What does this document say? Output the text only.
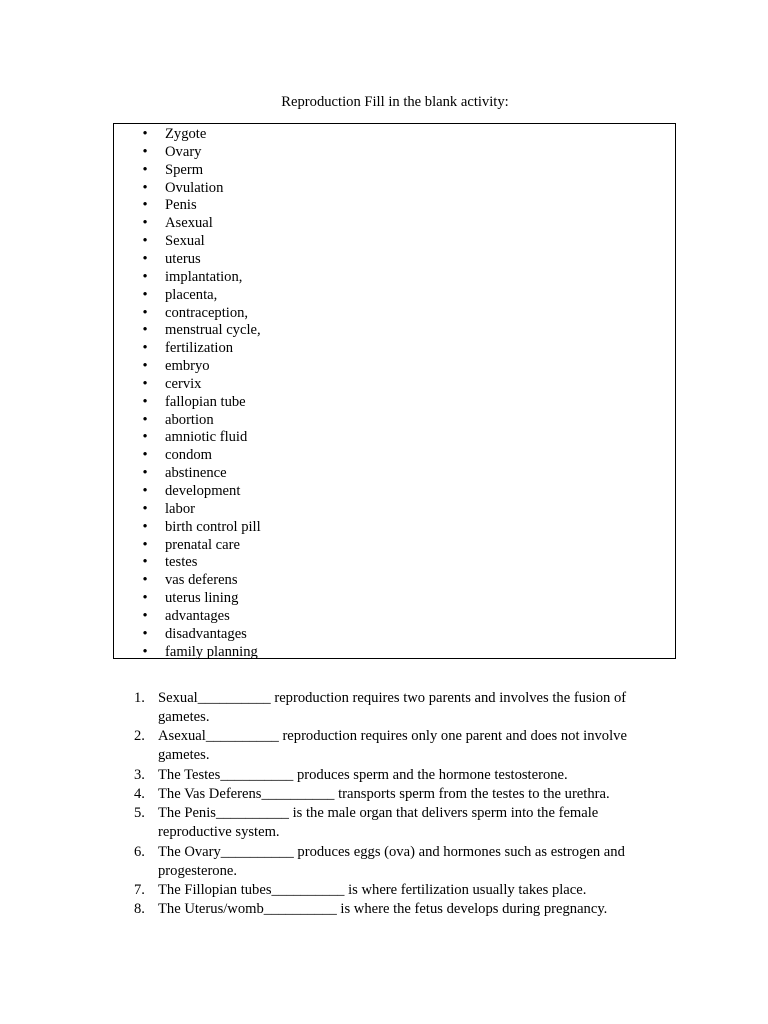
Reproduction Fill in the blank activity:
• Zygote
• Ovary
• Sperm
• Ovulation
• Penis
• Asexual
• Sexual
• uterus
• implantation,
• placenta,
• contraception,
• menstrual cycle,
• fertilization
• embryo
• cervix
• fallopian tube
• abortion
• amniotic fluid
• condom
• abstinence
• development
• labor
• birth control pill
• prenatal care
• testes
• vas deferens
• uterus lining
• advantages
• disadvantages
• family planning
1. Sexual__________ reproduction requires two parents and involves the fusion of
gametes.
2. Asexual__________ reproduction requires only one parent and does not involve
gametes.
3. The Testes__________ produces sperm and the hormone testosterone.
4. The Vas Deferens__________ transports sperm from the testes to the urethra.
5. The Penis__________ is the male organ that delivers sperm into the female
reproductive system.
6. The Ovary__________ produces eggs (ova) and hormones such as estrogen and
progesterone.
7. The Fillopian tubes__________ is where fertilization usually takes place.
8. The Uterus/womb__________ is where the fetus develops during pregnancy.
